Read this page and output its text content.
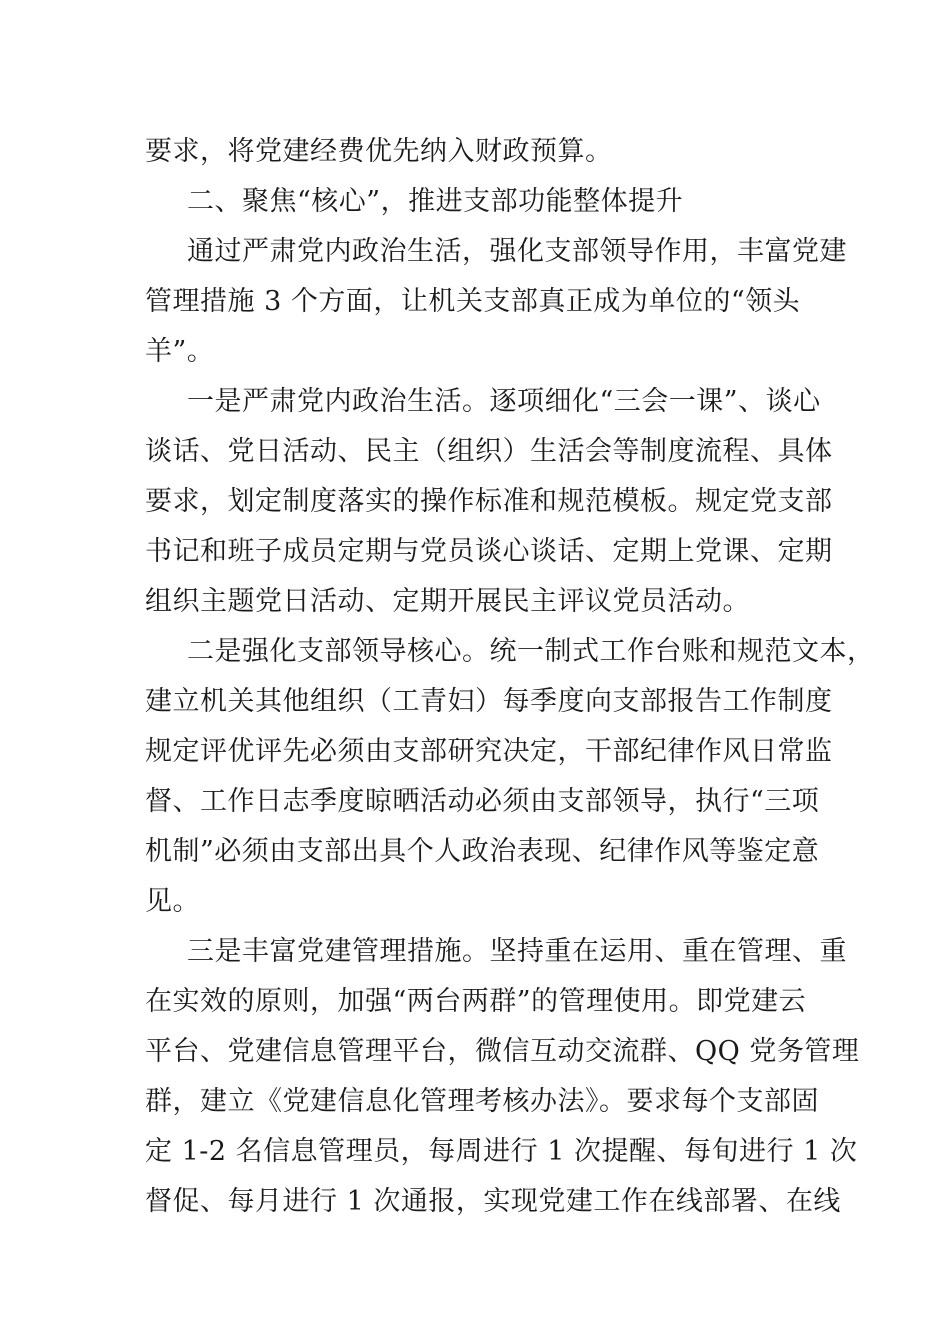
要求，将党建经费优先纳入财政预算。
二、聚焦“核心”，推进支部功能整体提升
通过严肃党内政治生活，强化支部领导作用，丰富党建
管理措施 3 个方面，让机关支部真正成为单位的“领头
羊”。
一是严肃党内政治生活。逐项细化“三会一课”、谈心
谈话、党日活动、民主（组织）生活会等制度流程、具体
要求，划定制度落实的操作标准和规范模板。规定党支部
书记和班子成员定期与党员谈心谈话、定期上党课、定期
组织主题党日活动、定期开展民主评议党员活动。
二是强化支部领导核心。统一制式工作台账和规范文本，
建立机关其他组织（工青妇）每季度向支部报告工作制度
规定评优评先必须由支部研究决定，干部纪律作风日常监
督、工作日志季度晾晒活动必须由支部领导，执行“三项
机制”必须由支部出具个人政治表现、纪律作风等鉴定意
见。
三是丰富党建管理措施。坚持重在运用、重在管理、重
在实效的原则，加强“两台两群”的管理使用。即党建云
平台、党建信息管理平台，微信互动交流群、QQ 党务管理
群，建立《党建信息化管理考核办法》。要求每个支部固
定 1-2 名信息管理员，每周进行 1 次提醒、每旬进行 1 次
督促、每月进行 1 次通报，实现党建工作在线部署、在线
